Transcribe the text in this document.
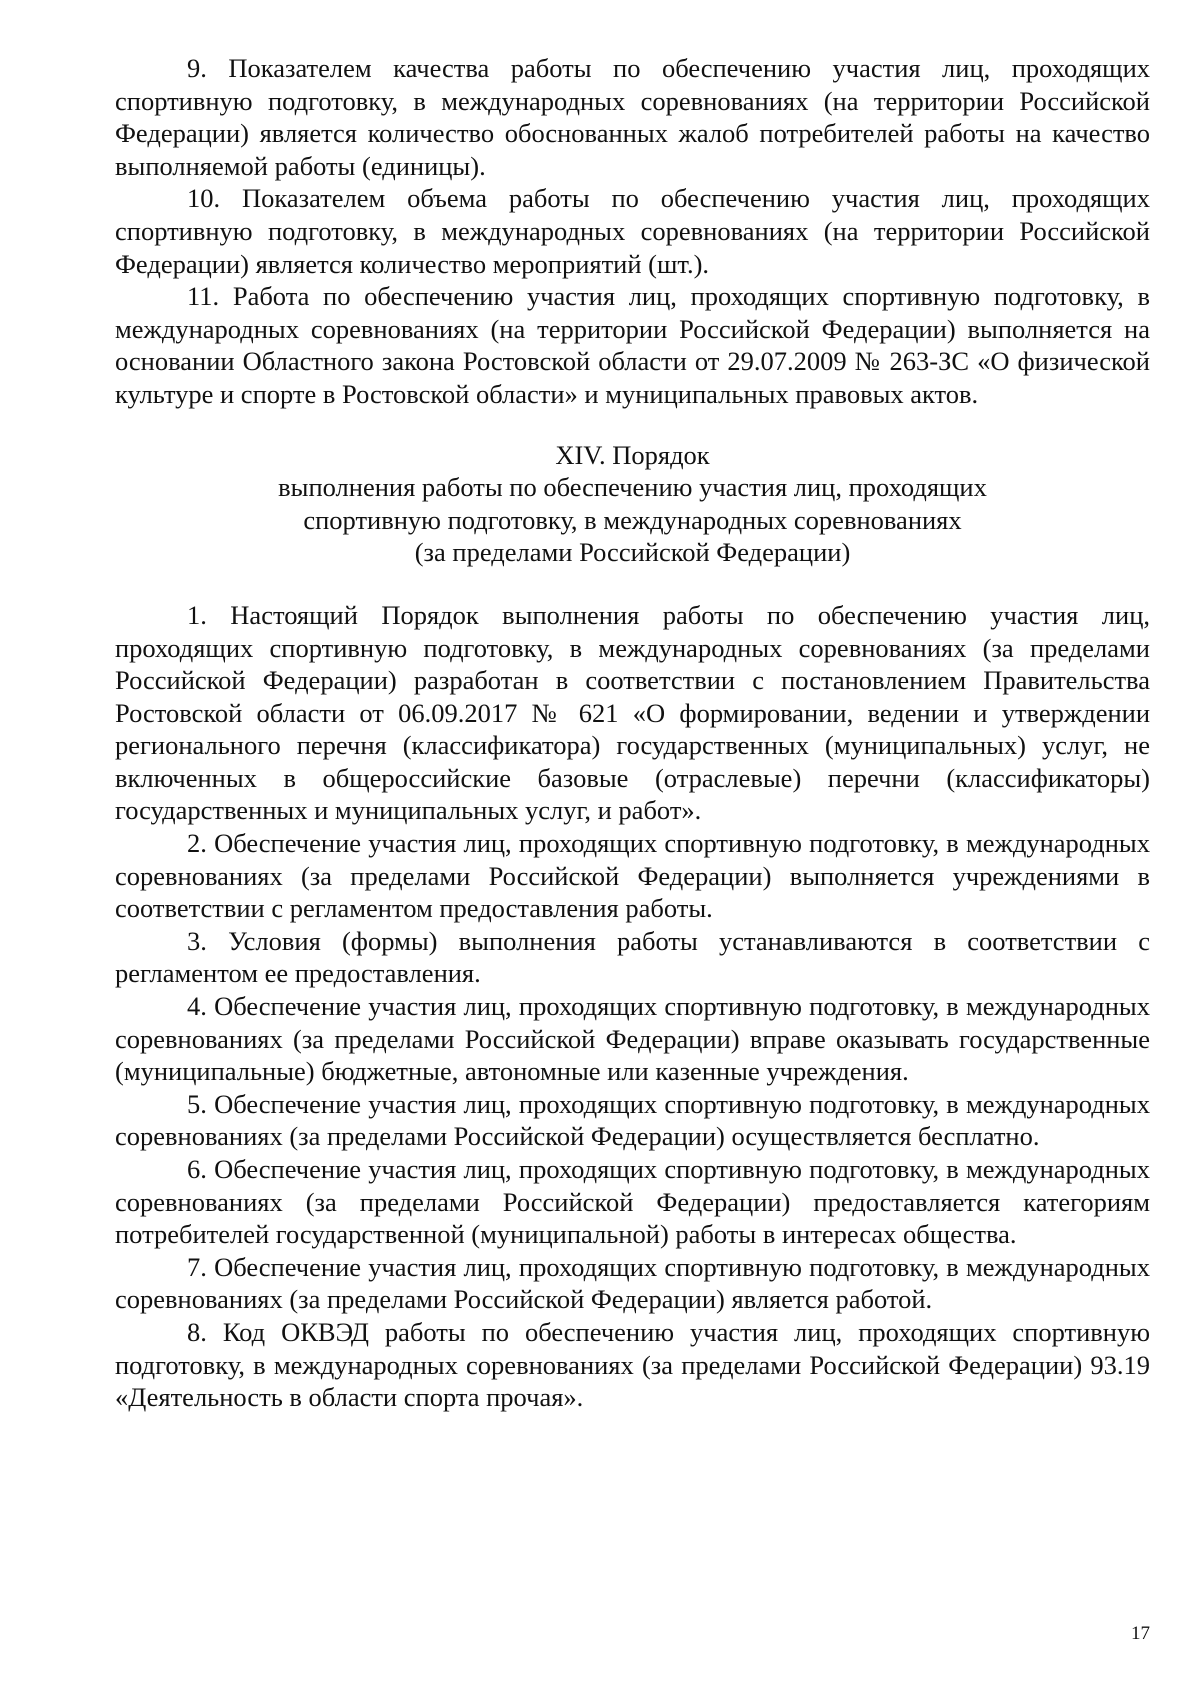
9. Показателем качества работы по обеспечению участия лиц, проходящих спортивную подготовку, в международных соревнованиях (на территории Российской Федерации) является количество обоснованных жалоб потребителей работы на качество выполняемой работы (единицы).

10. Показателем объема работы по обеспечению участия лиц, проходящих спортивную подготовку, в международных соревнованиях (на территории Российской Федерации) является количество мероприятий (шт.).

11. Работа по обеспечению участия лиц, проходящих спортивную подготовку, в международных соревнованиях (на территории Российской Федерации) выполняется на основании Областного закона Ростовской области от 29.07.2009 № 263-ЗС «О физической культуре и спорте в Ростовской области» и муниципальных правовых актов.

XIV. Порядок
выполнения работы по обеспечению участия лиц, проходящих
спортивную подготовку, в международных соревнованиях
(за пределами Российской Федерации)

1. Настоящий Порядок выполнения работы по обеспечению участия лиц, проходящих спортивную подготовку, в международных соревнованиях (за пределами Российской Федерации) разработан в соответствии с постановлением Правительства Ростовской области от 06.09.2017 № 621 «О формировании, ведении и утверждении регионального перечня (классификатора) государственных (муниципальных) услуг, не включенных в общероссийские базовые (отраслевые) перечни (классификаторы) государственных и муниципальных услуг, и работ».

2. Обеспечение участия лиц, проходящих спортивную подготовку, в международных соревнованиях (за пределами Российской Федерации) выполняется учреждениями в соответствии с регламентом предоставления работы.

3. Условия (формы) выполнения работы устанавливаются в соответствии с регламентом ее предоставления.

4. Обеспечение участия лиц, проходящих спортивную подготовку, в международных соревнованиях (за пределами Российской Федерации) вправе оказывать государственные (муниципальные) бюджетные, автономные или казенные учреждения.

5. Обеспечение участия лиц, проходящих спортивную подготовку, в международных соревнованиях (за пределами Российской Федерации) осуществляется бесплатно.

6. Обеспечение участия лиц, проходящих спортивную подготовку, в международных соревнованиях (за пределами Российской Федерации) предоставляется категориям потребителей государственной (муниципальной) работы в интересах общества.

7. Обеспечение участия лиц, проходящих спортивную подготовку, в международных соревнованиях (за пределами Российской Федерации) является работой.

8. Код ОКВЭД работы по обеспечению участия лиц, проходящих спортивную подготовку, в международных соревнованиях (за пределами Российской Федерации) 93.19 «Деятельность в области спорта прочая».

17
